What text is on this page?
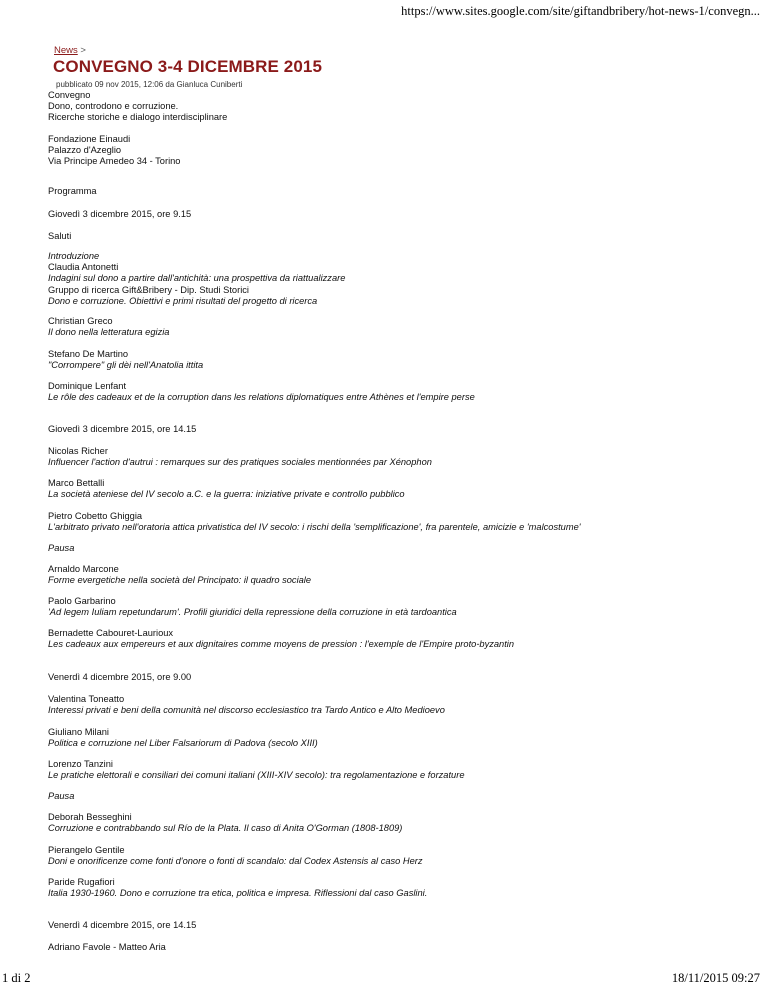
https://www.sites.google.com/site/giftandbribery/hot-news-1/convegn...
News >
CONVEGNO 3-4 DICEMBRE 2015
pubblicato 09 nov 2015, 12:06 da Gianluca Cuniberti

Convegno

Dono, controdono e corruzione.

Ricerche storiche e dialogo interdisciplinare

Fondazione Einaudi

Palazzo d'Azeglio

Via Principe Amedeo 34 - Torino

Programma

Giovedì 3 dicembre 2015, ore 9.15

Saluti

Introduzione

Claudia Antonetti

Indagini sul dono a partire dall'antichità: una prospettiva da riattualizzare

Gruppo di ricerca Gift&Bribery - Dip. Studi Storici

Dono e corruzione. Obiettivi e primi risultati del progetto di ricerca

Christian Greco

Il dono nella letteratura egizia

Stefano De Martino

"Corrompere" gli dèi nell'Anatolia ittita

Dominique Lenfant

Le rôle des cadeaux et de la corruption dans les relations diplomatiques entre Athènes et l'empire perse

Giovedì 3 dicembre 2015, ore 14.15

Nicolas Richer

Influencer l'action d'autrui : remarques sur des pratiques sociales mentionnées par Xénophon

Marco Bettalli

La società ateniese del IV secolo a.C. e la guerra: iniziative private e controllo pubblico

Pietro Cobetto Ghiggia

L'arbitrato privato nell'oratoria attica privatistica del IV secolo: i rischi della 'semplificazione', fra parentele, amicizie e 'malcostume'

Pausa

Arnaldo Marcone

Forme evergetiche nella società del Principato: il quadro sociale

Paolo Garbarino

'Ad legem Iuliam repetundarum'. Profili giuridici della repressione della corruzione in età tardoantica

Bernadette Cabouret-Laurioux

Les cadeaux aux empereurs et aux dignitaires comme moyens de pression : l'exemple de l'Empire proto-byzantin

Venerdì 4 dicembre 2015, ore 9.00

Valentina Toneatto

Interessi privati e beni della comunità nel discorso ecclesiastico tra Tardo Antico e Alto Medioevo

Giuliano Milani

Politica e corruzione nel Liber Falsariorum di Padova (secolo XIII)

Lorenzo Tanzini

Le pratiche elettorali e consiliari dei comuni italiani (XIII-XIV secolo): tra regolamentazione e forzature

Pausa

Deborah Besseghini

Corruzione e contrabbando sul Río de la Plata. Il caso di Anita O'Gorman (1808-1809)

Pierangelo Gentile

Doni e onorificenze come fonti d'onore o fonti di scandalo: dal Codex Astensis al caso Herz

Paride Rugafiori

Italia 1930-1960. Dono e corruzione tra etica, politica e impresa. Riflessioni dal caso Gaslini.

Venerdì 4 dicembre 2015, ore 14.15

Adriano Favole - Matteo Aria

1 di 2	18/11/2015 09:27
